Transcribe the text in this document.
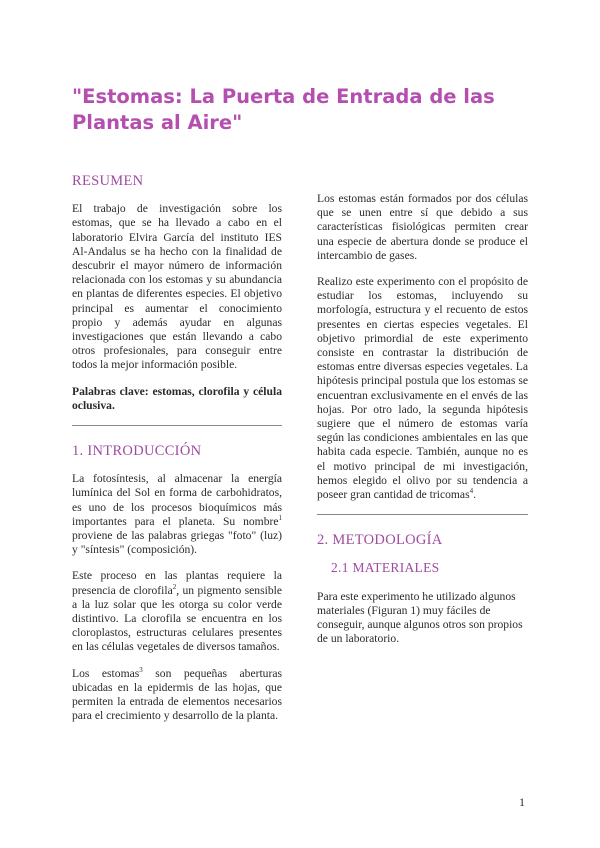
"Estomas: La Puerta de Entrada de las Plantas al Aire"
RESUMEN

El trabajo de investigación sobre los estomas, que se ha llevado a cabo en el laboratorio Elvira García del instituto IES Al-Andalus se ha hecho con la finalidad de descubrir el mayor número de información relacionada con los estomas y su abundancia en plantas de diferentes especies. El objetivo principal es aumentar el conocimiento propio y además ayudar en algunas investigaciones que están llevando a cabo otros profesionales, para conseguir entre todos la mejor información posible.

Palabras clave: estomas, clorofila y célula oclusiva.

1. INTRODUCCIÓN

La fotosíntesis, al almacenar la energía lumínica del Sol en forma de carbohidratos, es uno de los procesos bioquímicos más importantes para el planeta. Su nombre$^1$ proviene de las palabras griegas "foto" (luz) y "síntesis" (composición).

Este proceso en las plantas requiere la presencia de clorofila$^2$, un pigmento sensible a la luz solar que les otorga su color verde distintivo. La clorofila se encuentra en los cloroplastos, estructuras celulares presentes en las células vegetales de diversos tamaños.

Los estomas$^3$ son pequeñas aberturas ubicadas en la epidermis de las hojas, que permiten la entrada de elementos necesarios para el crecimiento y desarrollo de la planta.

Los estomas están formados por dos células que se unen entre sí que debido a sus características fisiológicas permiten crear una especie de abertura donde se produce el intercambio de gases.

Realizo este experimento con el propósito de estudiar los estomas, incluyendo su morfología, estructura y el recuento de estos presentes en ciertas especies vegetales. El objetivo primordial de este experimento consiste en contrastar la distribución de estomas entre diversas especies vegetales. La hipótesis principal postula que los estomas se encuentran exclusivamente en el envés de las hojas. Por otro lado, la segunda hipótesis sugiere que el número de estomas varía según las condiciones ambientales en las que habita cada especie. También, aunque no es el motivo principal de mi investigación, hemos elegido el olivo por su tendencia a poseer gran cantidad de tricomas$^4$.

2. METODOLOGÍA
2.1 MATERIALES

Para este experimento he utilizado algunos materiales (Figuran 1) muy fáciles de conseguir, aunque algunos otros son propios de un laboratorio.

1
